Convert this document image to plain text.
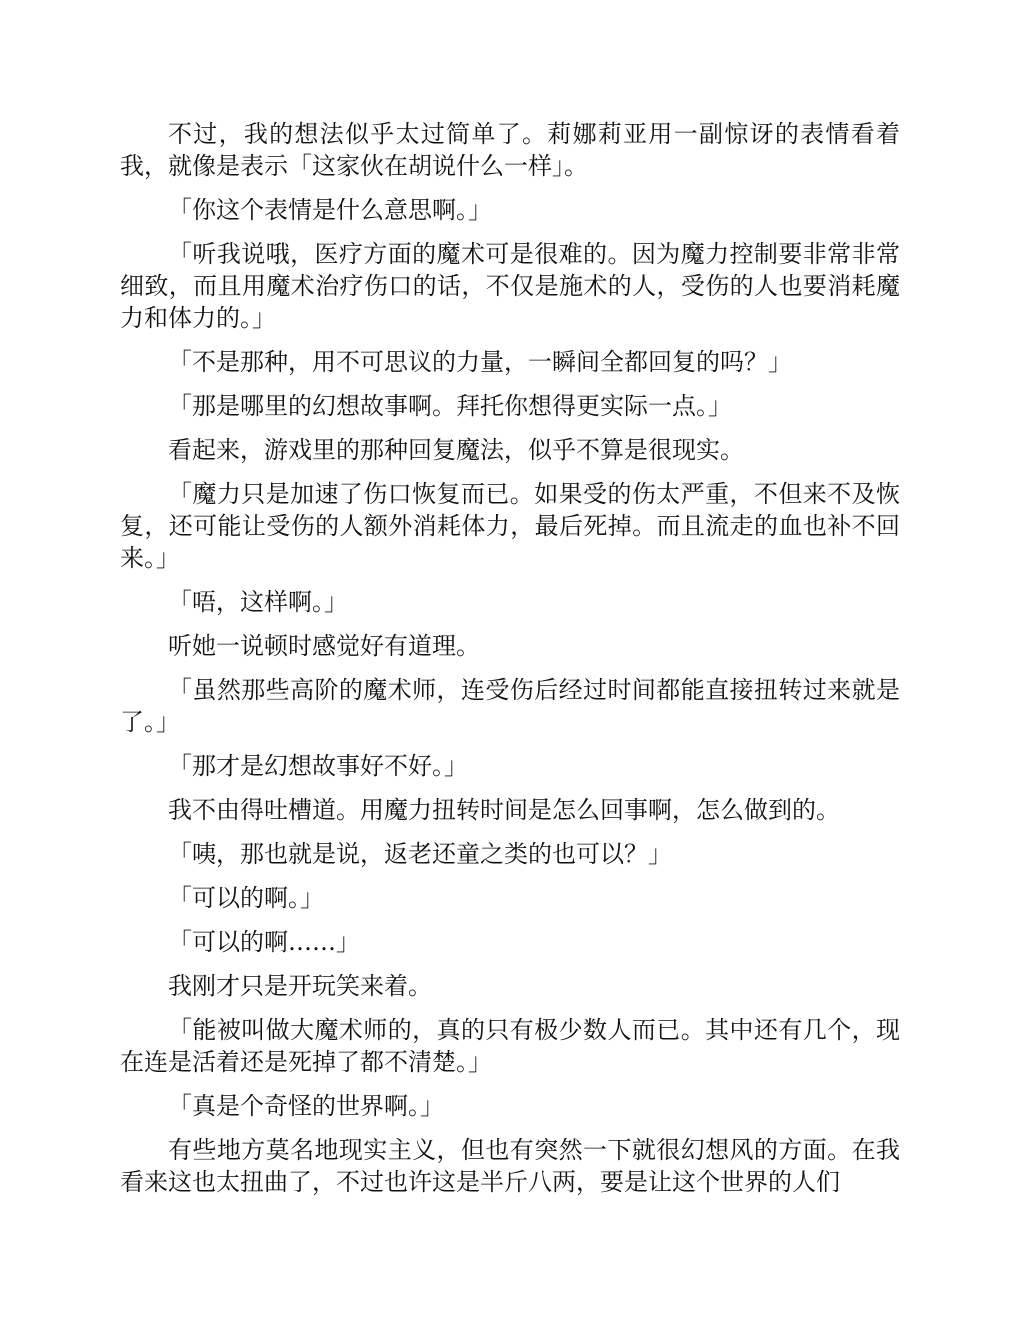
不过，我的想法似乎太过简单了。莉娜莉亚用一副惊讶的表情看着我，就像是表示「这家伙在胡说什么一样」。

「你这个表情是什么意思啊。」

「听我说哦，医疗方面的魔术可是很难的。因为魔力控制要非常非常细致，而且用魔术治疗伤口的话，不仅是施术的人，受伤的人也要消耗魔力和体力的。」

「不是那种，用不可思议的力量，一瞬间全都回复的吗？」

「那是哪里的幻想故事啊。拜托你想得更实际一点。」

看起来，游戏里的那种回复魔法，似乎不算是很现实。

「魔力只是加速了伤口恢复而已。如果受的伤太严重，不但来不及恢复，还可能让受伤的人额外消耗体力，最后死掉。而且流走的血也补不回来。」

「唔，这样啊。」

听她一说顿时感觉好有道理。

「虽然那些高阶的魔术师，连受伤后经过时间都能直接扭转过来就是了。」

「那才是幻想故事好不好。」

我不由得吐槽道。用魔力扭转时间是怎么回事啊，怎么做到的。

「咦，那也就是说，返老还童之类的也可以？」

「可以的啊。」

「可以的啊……」

我刚才只是开玩笑来着。

「能被叫做大魔术师的，真的只有极少数人而已。其中还有几个，现在连是活着还是死掉了都不清楚。」

「真是个奇怪的世界啊。」

有些地方莫名地现实主义，但也有突然一下就很幻想风的方面。在我看来这也太扭曲了，不过也许这是半斤八两，要是让这个世界的人们
